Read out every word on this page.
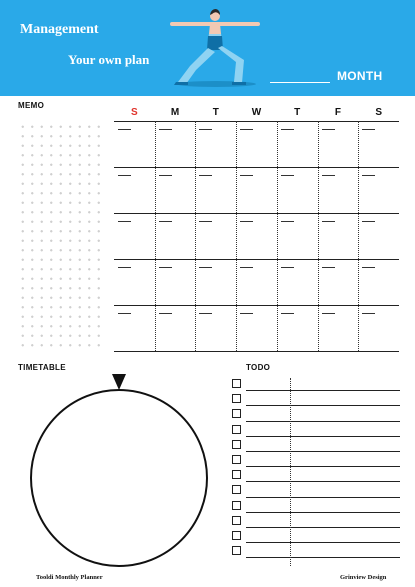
Management
Your own plan
MONTH
MEMO
S	M	T	W	T	F	S
TIMETABLE	TODO
Tooldi Monthly Planner	Grinview Design
